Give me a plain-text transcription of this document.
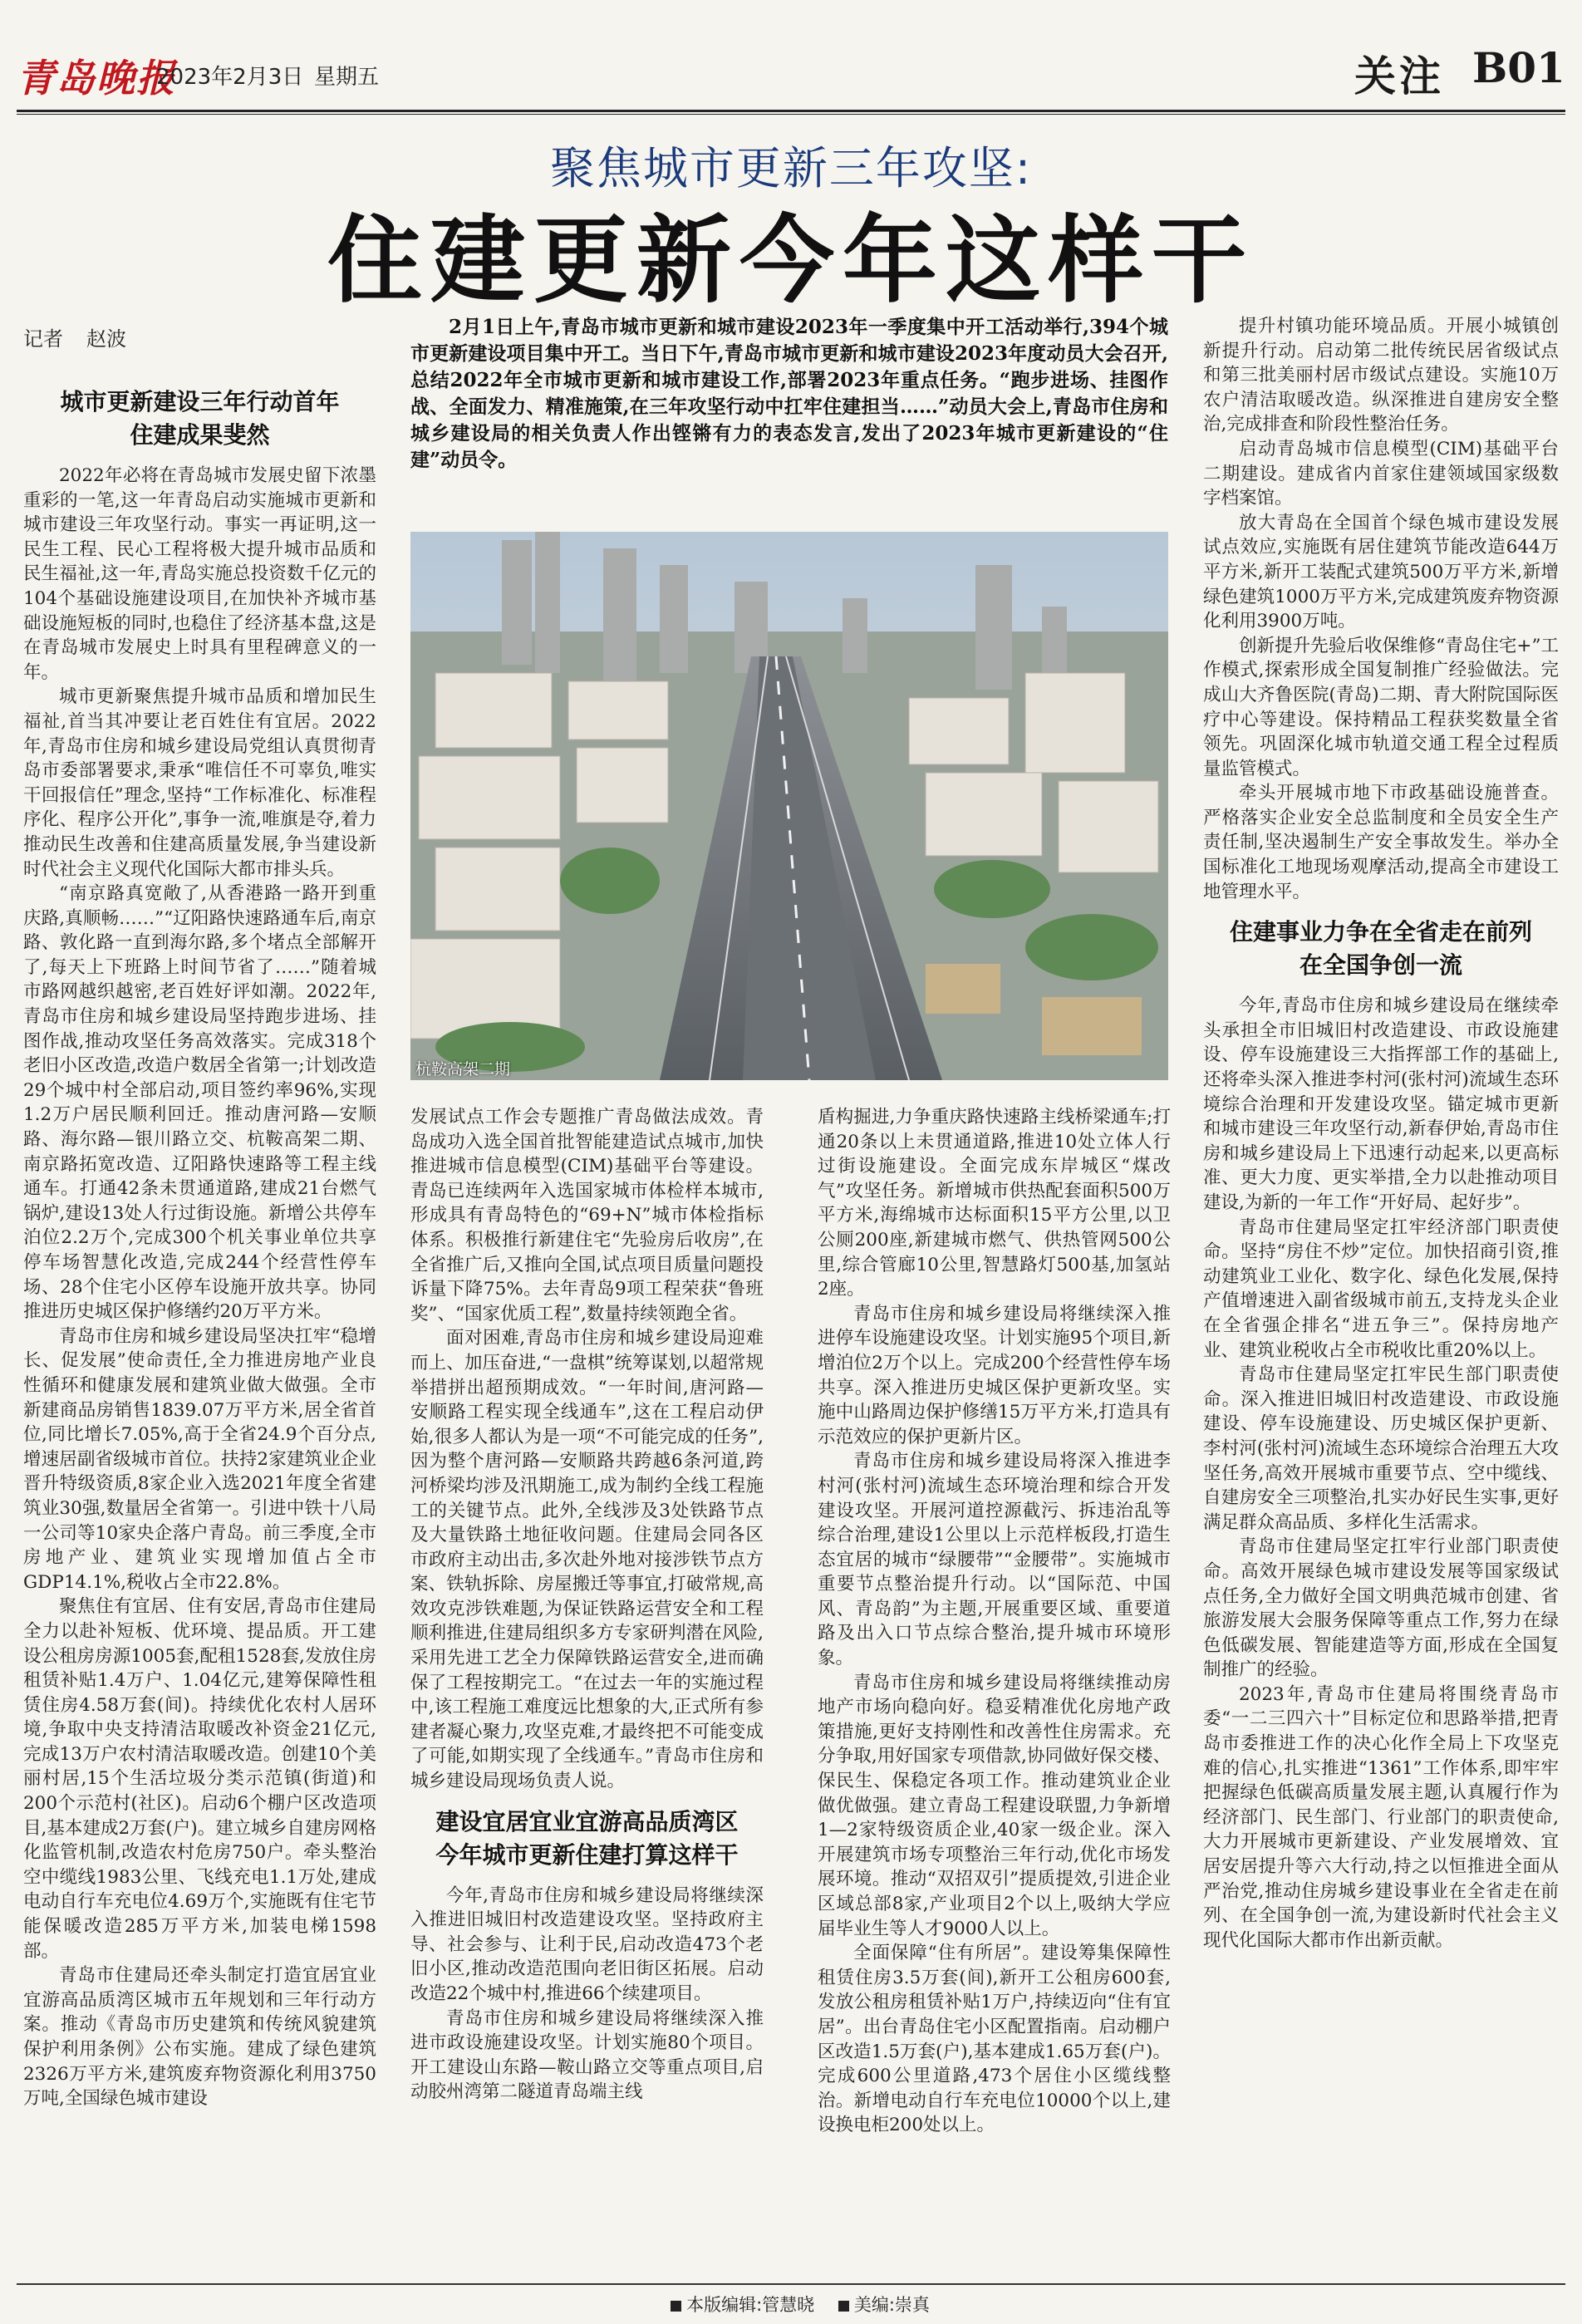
青岛晚报
2023年2月3日 星期五	关注 B01
聚焦城市更新三年攻坚:
住建更新今年这样干
记者 赵波
城市更新建设三年行动首年
住建成果斐然

2022年必将在青岛城市发展史留下浓墨重彩的一笔,这一年青岛启动实施城市更新和城市建设三年攻坚行动。事实一再证明,这一民生工程、民心工程将极大提升城市品质和民生福祉,这一年,青岛实施总投资数千亿元的104个基础设施建设项目,在加快补齐城市基础设施短板的同时,也稳住了经济基本盘,这是在青岛城市发展史上时具有里程碑意义的一年。

城市更新聚焦提升城市品质和增加民生福祉,首当其冲要让老百姓住有宜居。2022年,青岛市住房和城乡建设局党组认真贯彻青岛市委部署要求,秉承“唯信任不可辜负,唯实干回报信任”理念,坚持“工作标准化、标准程序化、程序公开化”,事争一流,唯旗是夺,着力推动民生改善和住建高质量发展,争当建设新时代社会主义现代化国际大都市排头兵。

“南京路真宽敞了,从香港路一路开到重庆路,真顺畅……”“辽阳路快速路通车后,南京路、敦化路一直到海尔路,多个堵点全部解开了,每天上下班路上时间节省了……”随着城市路网越织越密,老百姓好评如潮。2022年,青岛市住房和城乡建设局坚持跑步进场、挂图作战,推动攻坚任务高效落实。完成318个老旧小区改造,改造户数居全省第一;计划改造29个城中村全部启动,项目签约率96%,实现1.2万户居民顺利回迁。推动唐河路—安顺路、海尔路—银川路立交、杭鞍高架二期、南京路拓宽改造、辽阳路快速路等工程主线通车。打通42条未贯通道路,建成21台燃气锅炉,建设13处人行过街设施。新增公共停车泊位2.2万个,完成300个机关事业单位共享停车场智慧化改造,完成244个经营性停车场、28个住宅小区停车设施开放共享。协同推进历史城区保护修缮约20万平方米。

青岛市住房和城乡建设局坚决扛牢“稳增长、促发展”使命责任,全力推进房地产业良性循环和健康发展和建筑业做大做强。全市新建商品房销售1839.07万平方米,居全省首位,同比增长7.05%,高于全省24.9个百分点,增速居副省级城市首位。扶持2家建筑业企业晋升特级资质,8家企业入选2021年度全省建筑业30强,数量居全省第一。引进中铁十八局一公司等10家央企落户青岛。前三季度,全市房地产业、建筑业实现增加值占全市GDP14.1%,税收占全市22.8%。

聚焦住有宜居、住有安居,青岛市住建局全力以赴补短板、优环境、提品质。开工建设公租房房源1005套,配租1528套,发放住房租赁补贴1.4万户、1.04亿元,建筹保障性租赁住房4.58万套(间)。持续优化农村人居环境,争取中央支持清洁取暖改补资金21亿元,完成13万户农村清洁取暖改造。创建10个美丽村居,15个生活垃圾分类示范镇(街道)和200个示范村(社区)。启动6个棚户区改造项目,基本建成2万套(户)。建立城乡自建房网格化监管机制,改造农村危房750户。牵头整治空中缆线1983公里、飞线充电1.1万处,建成电动自行车充电位4.69万个,实施既有住宅节能保暖改造285万平方米,加装电梯1598部。

青岛市住建局还牵头制定打造宜居宜业宜游高品质湾区城市五年规划和三年行动方案。推动《青岛市历史建筑和传统风貌建筑保护利用条例》公布实施。建成了绿色建筑2326万平方米,建筑废弃物资源化利用3750万吨,全国绿色城市建设

2月1日上午,青岛市城市更新和城市建设2023年一季度集中开工活动举行,394个城市更新建设项目集中开工。当日下午,青岛市城市更新和城市建设2023年度动员大会召开,总结2022年全市城市更新和城市建设工作,部署2023年重点任务。“跑步进场、挂图作战、全面发力、精准施策,在三年攻坚行动中扛牢住建担当……”动员大会上,青岛市住房和城乡建设局的相关负责人作出铿锵有力的表态发言,发出了2023年城市更新建设的“住建”动员令。

杭鞍高架二期

发展试点工作会专题推广青岛做法成效。青岛成功入选全国首批智能建造试点城市,加快推进城市信息模型(CIM)基础平台等建设。青岛已连续两年入选国家城市体检样本城市,形成具有青岛特色的“69+N”城市体检指标体系。积极推行新建住宅“先验房后收房”,在全省推广后,又推向全国,试点项目质量问题投诉量下降75%。去年青岛9项工程荣获“鲁班奖”、“国家优质工程”,数量持续领跑全省。

面对困难,青岛市住房和城乡建设局迎难而上、加压奋进,“一盘棋”统筹谋划,以超常规举措拼出超预期成效。“一年时间,唐河路—安顺路工程实现全线通车”,这在工程启动伊始,很多人都认为是一项“不可能完成的任务”,因为整个唐河路—安顺路共跨越6条河道,跨河桥梁均涉及汛期施工,成为制约全线工程施工的关键节点。此外,全线涉及3处铁路节点及大量铁路土地征收问题。住建局会同各区市政府主动出击,多次赴外地对接涉铁节点方案、铁轨拆除、房屋搬迁等事宜,打破常规,高效攻克涉铁难题,为保证铁路运营安全和工程顺利推进,住建局组织多方专家研判潜在风险,采用先进工艺全力保障铁路运营安全,进而确保了工程按期完工。“在过去一年的实施过程中,该工程施工难度远比想象的大,正式所有参建者凝心聚力,攻坚克难,才最终把不可能变成了可能,如期实现了全线通车。”青岛市住房和城乡建设局现场负责人说。

建设宜居宜业宜游高品质湾区
今年城市更新住建打算这样干

今年,青岛市住房和城乡建设局将继续深入推进旧城旧村改造建设攻坚。坚持政府主导、社会参与、让利于民,启动改造473个老旧小区,推动改造范围向老旧街区拓展。启动改造22个城中村,推进66个续建项目。

青岛市住房和城乡建设局将继续深入推进市政设施建设攻坚。计划实施80个项目。开工建设山东路—鞍山路立交等重点项目,启动胶州湾第二隧道青岛端主线

盾构掘进,力争重庆路快速路主线桥梁通车;打通20条以上未贯通道路,推进10处立体人行过街设施建设。全面完成东岸城区“煤改气”攻坚任务。新增城市供热配套面积500万平方米,海绵城市达标面积15平方公里,以卫公厕200座,新建城市燃气、供热管网500公里,综合管廊10公里,智慧路灯500基,加氢站2座。

青岛市住房和城乡建设局将继续深入推进停车设施建设攻坚。计划实施95个项目,新增泊位2万个以上。完成200个经营性停车场共享。深入推进历史城区保护更新攻坚。实施中山路周边保护修缮15万平方米,打造具有示范效应的保护更新片区。

青岛市住房和城乡建设局将深入推进李村河(张村河)流域生态环境治理和综合开发建设攻坚。开展河道控源截污、拆违治乱等综合治理,建设1公里以上示范样板段,打造生态宜居的城市“绿腰带”“金腰带”。实施城市重要节点整治提升行动。以“国际范、中国风、青岛韵”为主题,开展重要区域、重要道路及出入口节点综合整治,提升城市环境形象。

青岛市住房和城乡建设局将继续推动房地产市场向稳向好。稳妥精准优化房地产政策措施,更好支持刚性和改善性住房需求。充分争取,用好国家专项借款,协同做好保交楼、保民生、保稳定各项工作。推动建筑业企业做优做强。建立青岛工程建设联盟,力争新增1—2家特级资质企业,40家一级企业。深入开展建筑市场专项整治三年行动,优化市场发展环境。推动“双招双引”提质提效,引进企业区域总部8家,产业项目2个以上,吸纳大学应届毕业生等人才9000人以上。

全面保障“住有所居”。建设筹集保障性租赁住房3.5万套(间),新开工公租房600套,发放公租房租赁补贴1万户,持续迈向“住有宜居”。出台青岛住宅小区配置指南。启动棚户区改造1.5万套(户),基本建成1.65万套(户)。完成600公里道路,473个居住小区缆线整治。新增电动自行车充电位10000个以上,建设换电柜200处以上。

提升村镇功能环境品质。开展小城镇创新提升行动。启动第二批传统民居省级试点和第三批美丽村居市级试点建设。实施10万农户清洁取暖改造。纵深推进自建房安全整治,完成排查和阶段性整治任务。

启动青岛城市信息模型(CIM)基础平台二期建设。建成省内首家住建领域国家级数字档案馆。

放大青岛在全国首个绿色城市建设发展试点效应,实施既有居住建筑节能改造644万平方米,新开工装配式建筑500万平方米,新增绿色建筑1000万平方米,完成建筑废弃物资源化利用3900万吨。

创新提升先验后收保维修“青岛住宅+”工作模式,探索形成全国复制推广经验做法。完成山大齐鲁医院(青岛)二期、青大附院国际医疗中心等建设。保持精品工程获奖数量全省领先。巩固深化城市轨道交通工程全过程质量监管模式。

牵头开展城市地下市政基础设施普查。严格落实企业安全总监制度和全员安全生产责任制,坚决遏制生产安全事故发生。举办全国标准化工地现场观摩活动,提高全市建设工地管理水平。

住建事业力争在全省走在前列
在全国争创一流

今年,青岛市住房和城乡建设局在继续牵头承担全市旧城旧村改造建设、市政设施建设、停车设施建设三大指挥部工作的基础上,还将牵头深入推进李村河(张村河)流域生态环境综合治理和开发建设攻坚。锚定城市更新和城市建设三年攻坚行动,新春伊始,青岛市住房和城乡建设局上下迅速行动起来,以更高标准、更大力度、更实举措,全力以赴推动项目建设,为新的一年工作“开好局、起好步”。

青岛市住建局坚定扛牢经济部门职责使命。坚持“房住不炒”定位。加快招商引资,推动建筑业工业化、数字化、绿色化发展,保持产值增速进入副省级城市前五,支持龙头企业在全省强企排名“进五争三”。保持房地产业、建筑业税收占全市税收比重20%以上。

青岛市住建局坚定扛牢民生部门职责使命。深入推进旧城旧村改造建设、市政设施建设、停车设施建设、历史城区保护更新、李村河(张村河)流域生态环境综合治理五大攻坚任务,高效开展城市重要节点、空中缆线、自建房安全三项整治,扎实办好民生实事,更好满足群众高品质、多样化生活需求。

青岛市住建局坚定扛牢行业部门职责使命。高效开展绿色城市建设发展等国家级试点任务,全力做好全国文明典范城市创建、省旅游发展大会服务保障等重点工作,努力在绿色低碳发展、智能建造等方面,形成在全国复制推广的经验。

2023年,青岛市住建局将围绕青岛市委“一二三四六十”目标定位和思路举措,把青岛市委推进工作的决心化作全局上下攻坚克难的信心,扎实推进“1361”工作体系,即牢牢把握绿色低碳高质量发展主题,认真履行作为经济部门、民生部门、行业部门的职责使命,大力开展城市更新建设、产业发展增效、宜居安居提升等六大行动,持之以恒推进全面从严治党,推动住房城乡建设事业在全省走在前列、在全国争创一流,为建设新时代社会主义现代化国际大都市作出新贡献。

本版编辑:管慧晓 美编:崇真
